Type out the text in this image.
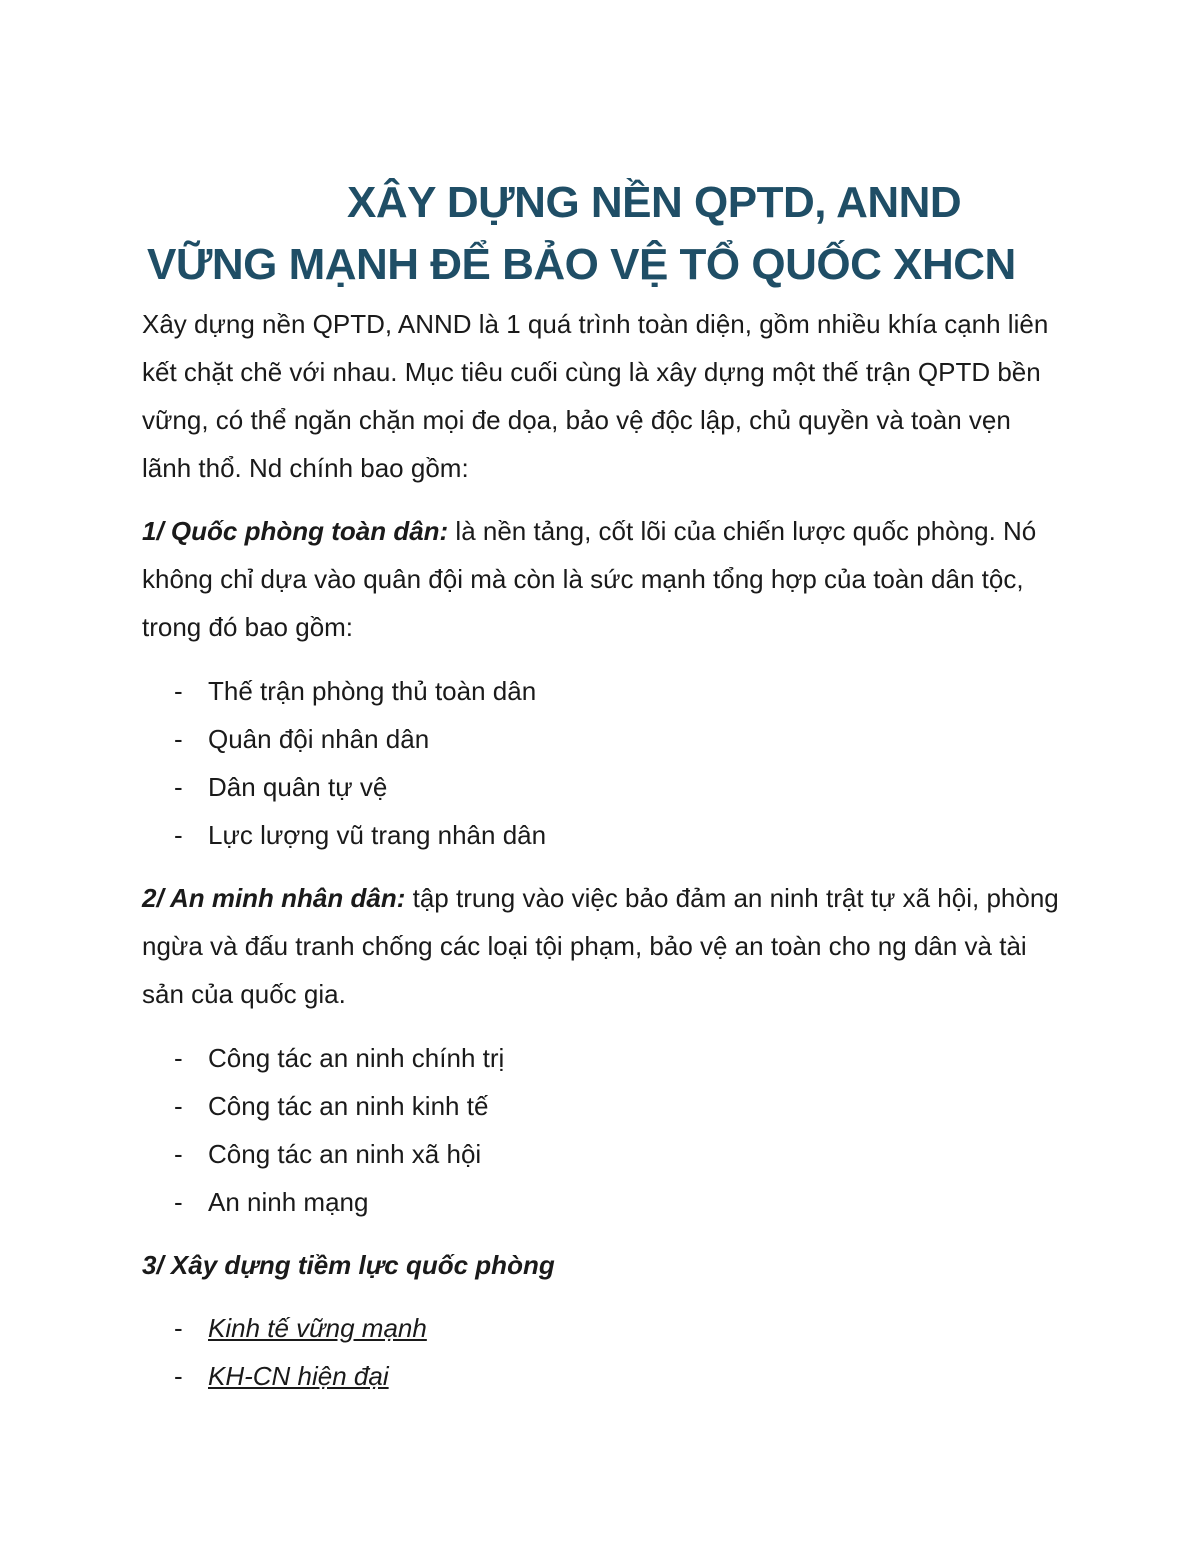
XÂY DỰNG NỀN QPTD, ANND
VỮNG MẠNH ĐỂ BẢO VỆ TỔ QUỐC XHCN

Xây dựng nền QPTD, ANND là 1 quá trình toàn diện, gồm nhiều khía cạnh liên kết chặt chẽ với nhau. Mục tiêu cuối cùng là xây dựng một thế trận QPTD bền vững, có thể ngăn chặn mọi đe dọa, bảo vệ độc lập, chủ quyền và toàn vẹn lãnh thổ. Nd chính bao gồm:

1/ Quốc phòng toàn dân: là nền tảng, cốt lõi của chiến lược quốc phòng. Nó không chỉ dựa vào quân đội mà còn là sức mạnh tổng hợp của toàn dân tộc, trong đó bao gồm:

- Thế trận phòng thủ toàn dân
- Quân đội nhân dân
- Dân quân tự vệ
- Lực lượng vũ trang nhân dân

2/ An minh nhân dân: tập trung vào việc bảo đảm an ninh trật tự xã hội, phòng ngừa và đấu tranh chống các loại tội phạm, bảo vệ an toàn cho ng dân và tài sản của quốc gia.

- Công tác an ninh chính trị
- Công tác an ninh kinh tế
- Công tác an ninh xã hội
- An ninh mạng

3/ Xây dựng tiềm lực quốc phòng

- Kinh tế vững mạnh
- KH-CN hiện đại
